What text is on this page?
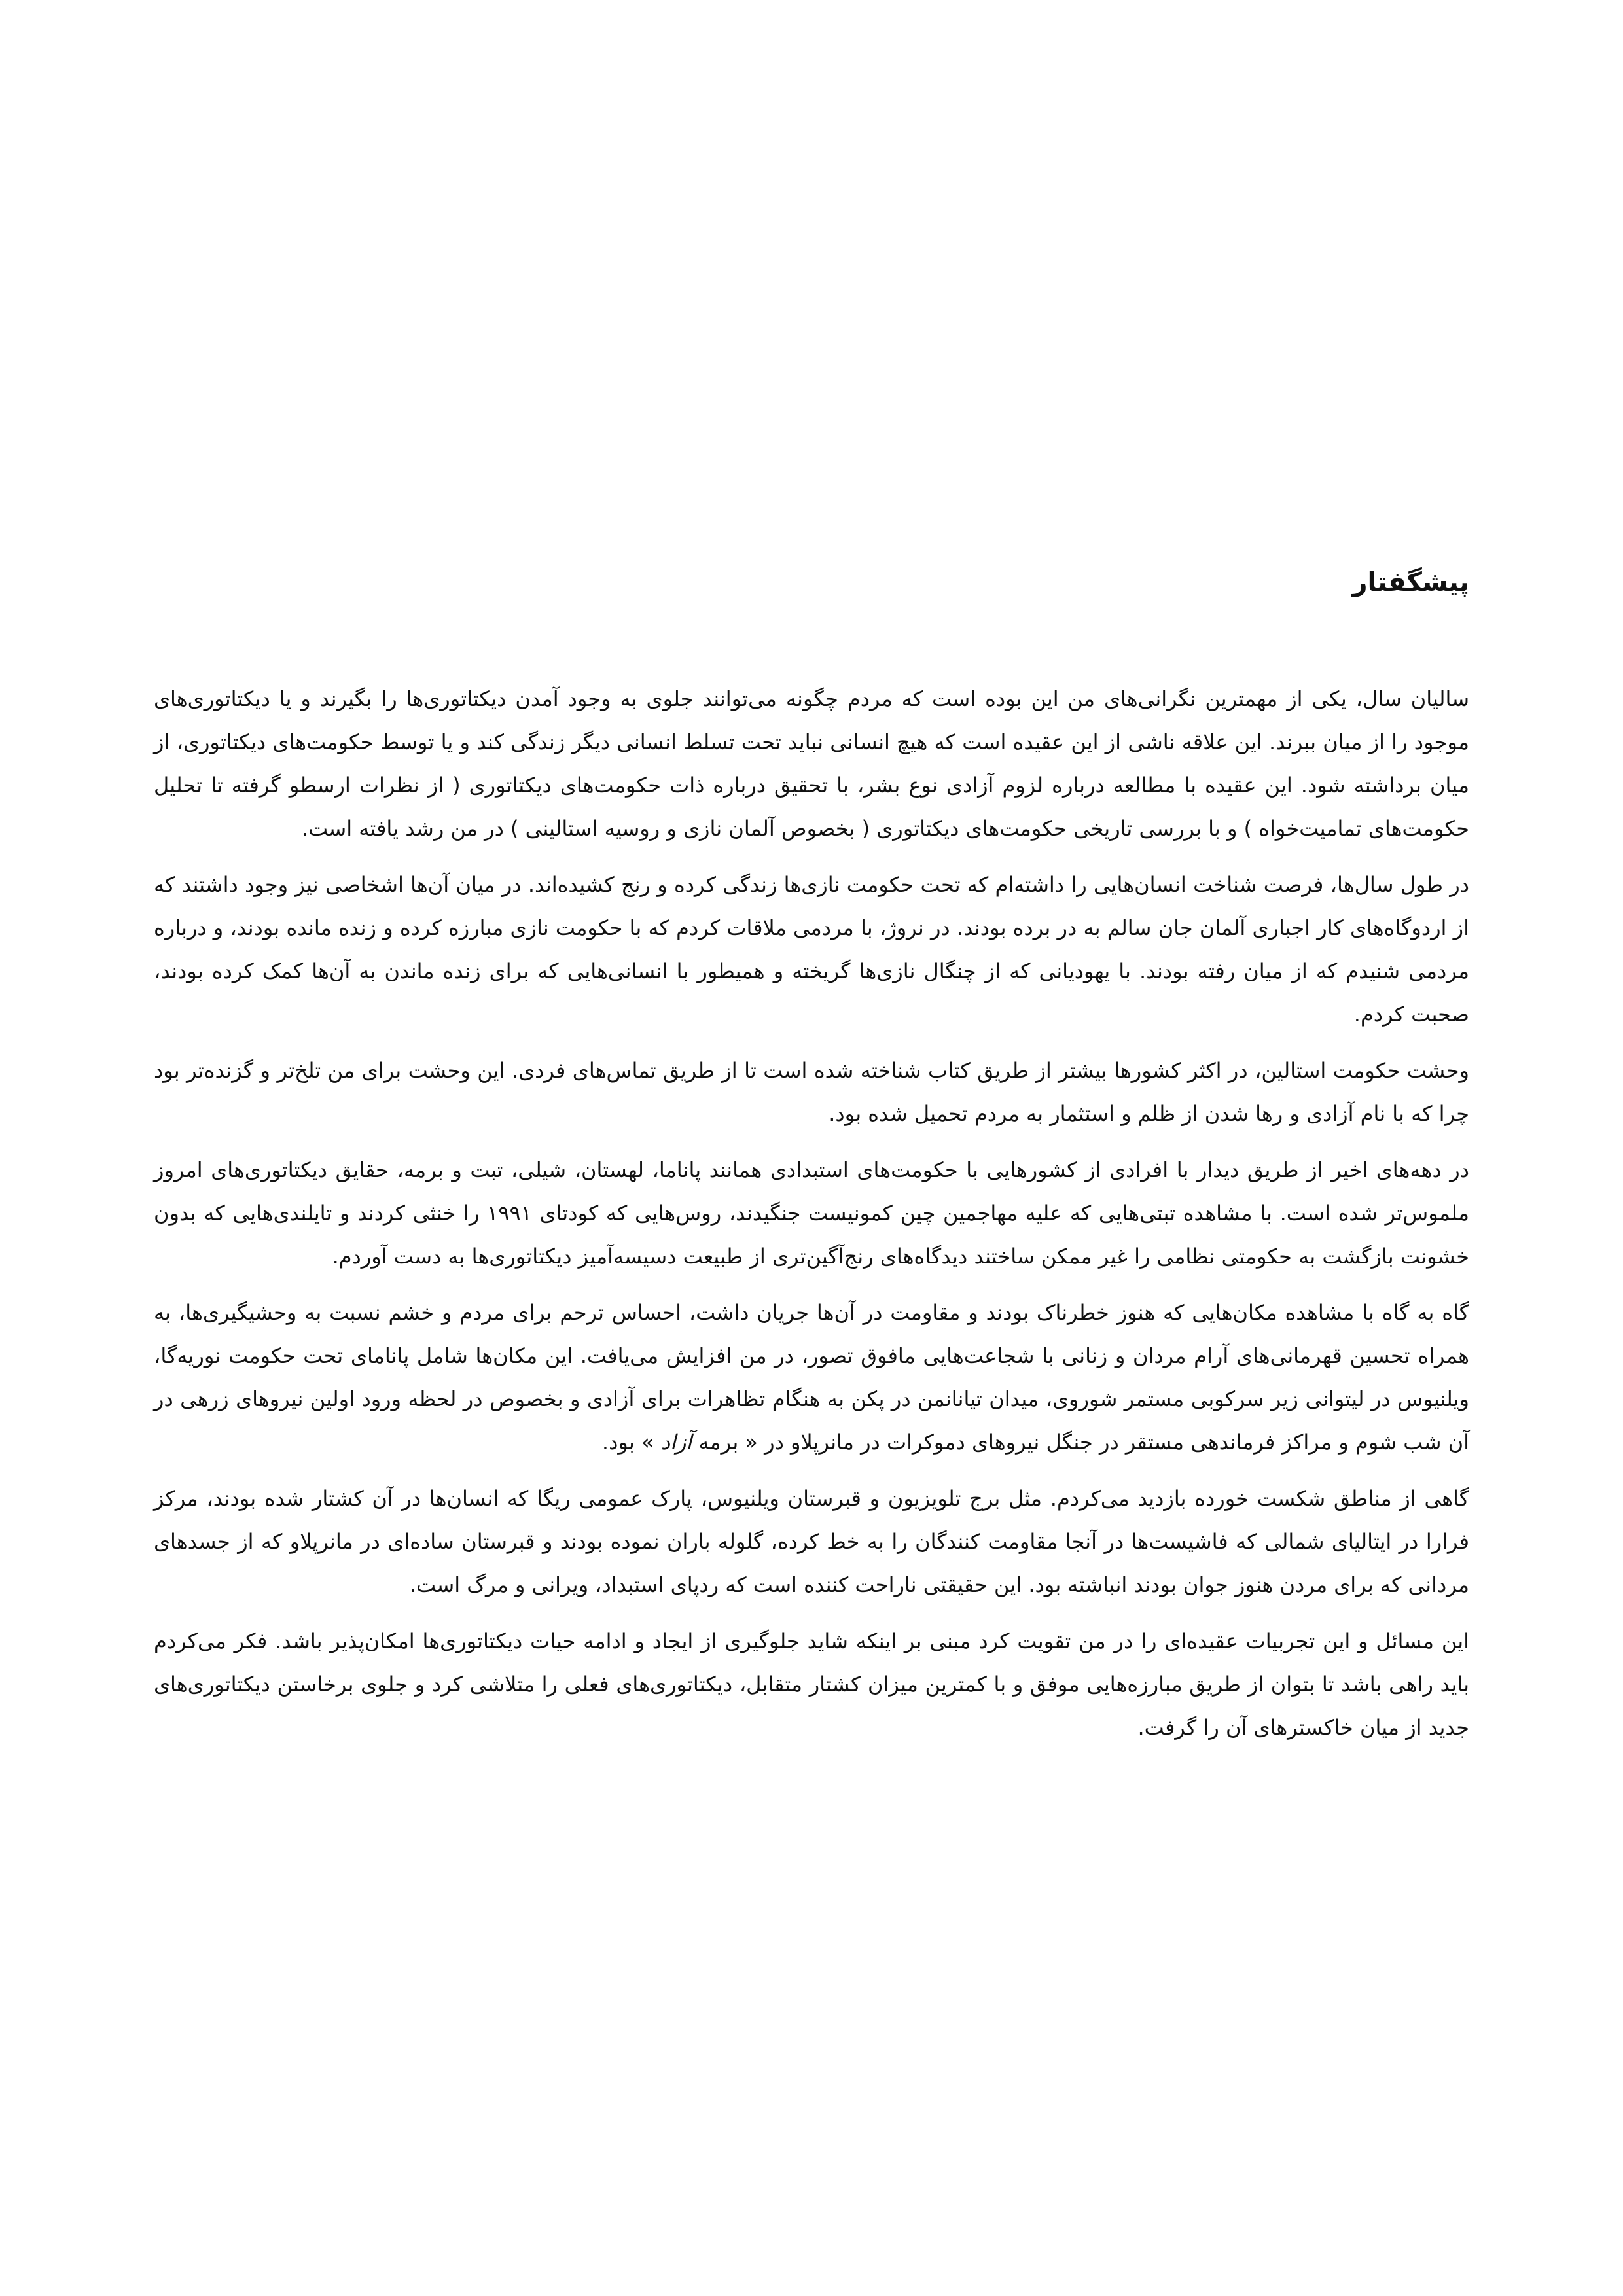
پیشگفتار

سالیان سال، یکی از مهمترین نگرانی‌های من این بوده است که مردم چگونه می‌توانند جلوی به وجود آمدن دیکتاتوری‌ها را بگیرند و یا دیکتاتوری‌های موجود را از میان ببرند. این علاقه ناشی از این عقیده است که هیچ انسانی نباید تحت تسلط انسانی دیگر زندگی کند و یا توسط حکومت‌های دیکتاتوری، از میان برداشته شود. این عقیده با مطالعه درباره لزوم آزادی نوع بشر، با تحقیق درباره ذات حکومت‌های دیکتاتوری ( از نظرات ارسطو گرفته تا تحلیل حکومت‌های تمامیت‌خواه ) و با بررسی تاریخی حکومت‌های دیکتاتوری ( بخصوص آلمان نازی و روسیه استالینی ) در من رشد یافته است.

در طول سال‌ها، فرصت شناخت انسان‌هایی را داشته‌ام که تحت حکومت نازی‌ها زندگی کرده و رنج کشیده‌اند. در میان آن‌ها اشخاصی نیز وجود داشتند که از اردوگاه‌های کار اجباری آلمان جان سالم به در برده بودند. در نروژ، با مردمی ملاقات کردم که با حکومت نازی مبارزه کرده و زنده مانده بودند، و درباره مردمی شنیدم که از میان رفته بودند. با یهودیانی که از چنگال نازی‌ها گریخته و همیطور با انسانی‌هایی که برای زنده ماندن به آن‌ها کمک کرده بودند، صحبت کردم.

وحشت حکومت استالین، در اکثر کشورها بیشتر از طریق کتاب شناخته شده است تا از طریق تماس‌های فردی. این وحشت برای من تلخ‌تر و گزنده‌تر بود چرا که با نام آزادی و رها شدن از ظلم و استثمار به مردم تحمیل شده بود.

در دهه‌های اخیر از طریق دیدار با افرادی از کشورهایی با حکومت‌های استبدادی همانند پاناما، لهستان، شیلی، تبت و برمه، حقایق دیکتاتوری‌های امروز ملموس‌تر شده است. با مشاهده تبتی‌هایی که علیه مهاجمین چین کمونیست جنگیدند، روس‌هایی که کودتای ۱۹۹۱ را خنثی کردند و تایلندی‌هایی که بدون خشونت بازگشت به حکومتی نظامی را غیر ممکن ساختند دیدگاه‌های رنج‌آگین‌تری از طبیعت دسیسه‌آمیز دیکتاتوری‌ها به دست آوردم.

گاه به گاه با مشاهده مکان‌هایی که هنوز خطرناک بودند و مقاومت در آن‌ها جریان داشت، احساس ترحم برای مردم و خشم نسبت به وحشیگیری‌ها، به همراه تحسین قهرمانی‌های آرام مردان و زنانی با شجاعت‌هایی مافوق تصور، در من افزایش می‌یافت. این مکان‌ها شامل پانامای تحت حکومت نوریه‌گا، ویلنیوس در لیتوانی زیر سرکوبی مستمر شوروی، میدان تیانانمن در پکن به هنگام تظاهرات برای آزادی و بخصوص در لحظه ورود اولین نیروهای زرهی در آن شب شوم و مراکز فرماندهی مستقر در جنگل نیروهای دموکرات در مانرپلاو در « برمه آزاد » بود.

گاهی از مناطق شکست خورده بازدید می‌کردم. مثل برج تلویزیون و قبرستان ویلنیوس، پارک عمومی ریگا که انسان‌ها در آن کشتار شده بودند، مرکز فرارا در ایتالیای شمالی که فاشیست‌ها در آنجا مقاومت کنندگان را به خط کرده، گلوله باران نموده بودند و قبرستان ساده‌ای در مانرپلاو که از جسدهای مردانی که برای مردن هنوز جوان بودند انباشته بود. این حقیقتی ناراحت کننده است که ردپای استبداد، ویرانی و مرگ است.

این مسائل و این تجربیات عقیده‌ای را در من تقویت کرد مبنی بر اینکه شاید جلوگیری از ایجاد و ادامه حیات دیکتاتوری‌ها امکان‌پذیر باشد. فکر می‌کردم باید راهی باشد تا بتوان از طریق مبارزه‌هایی موفق و با کمترین میزان کشتار متقابل، دیکتاتوری‌های فعلی را متلاشی کرد و جلوی برخاستن دیکتاتوری‌های جدید از میان خاکسترهای آن را گرفت.
